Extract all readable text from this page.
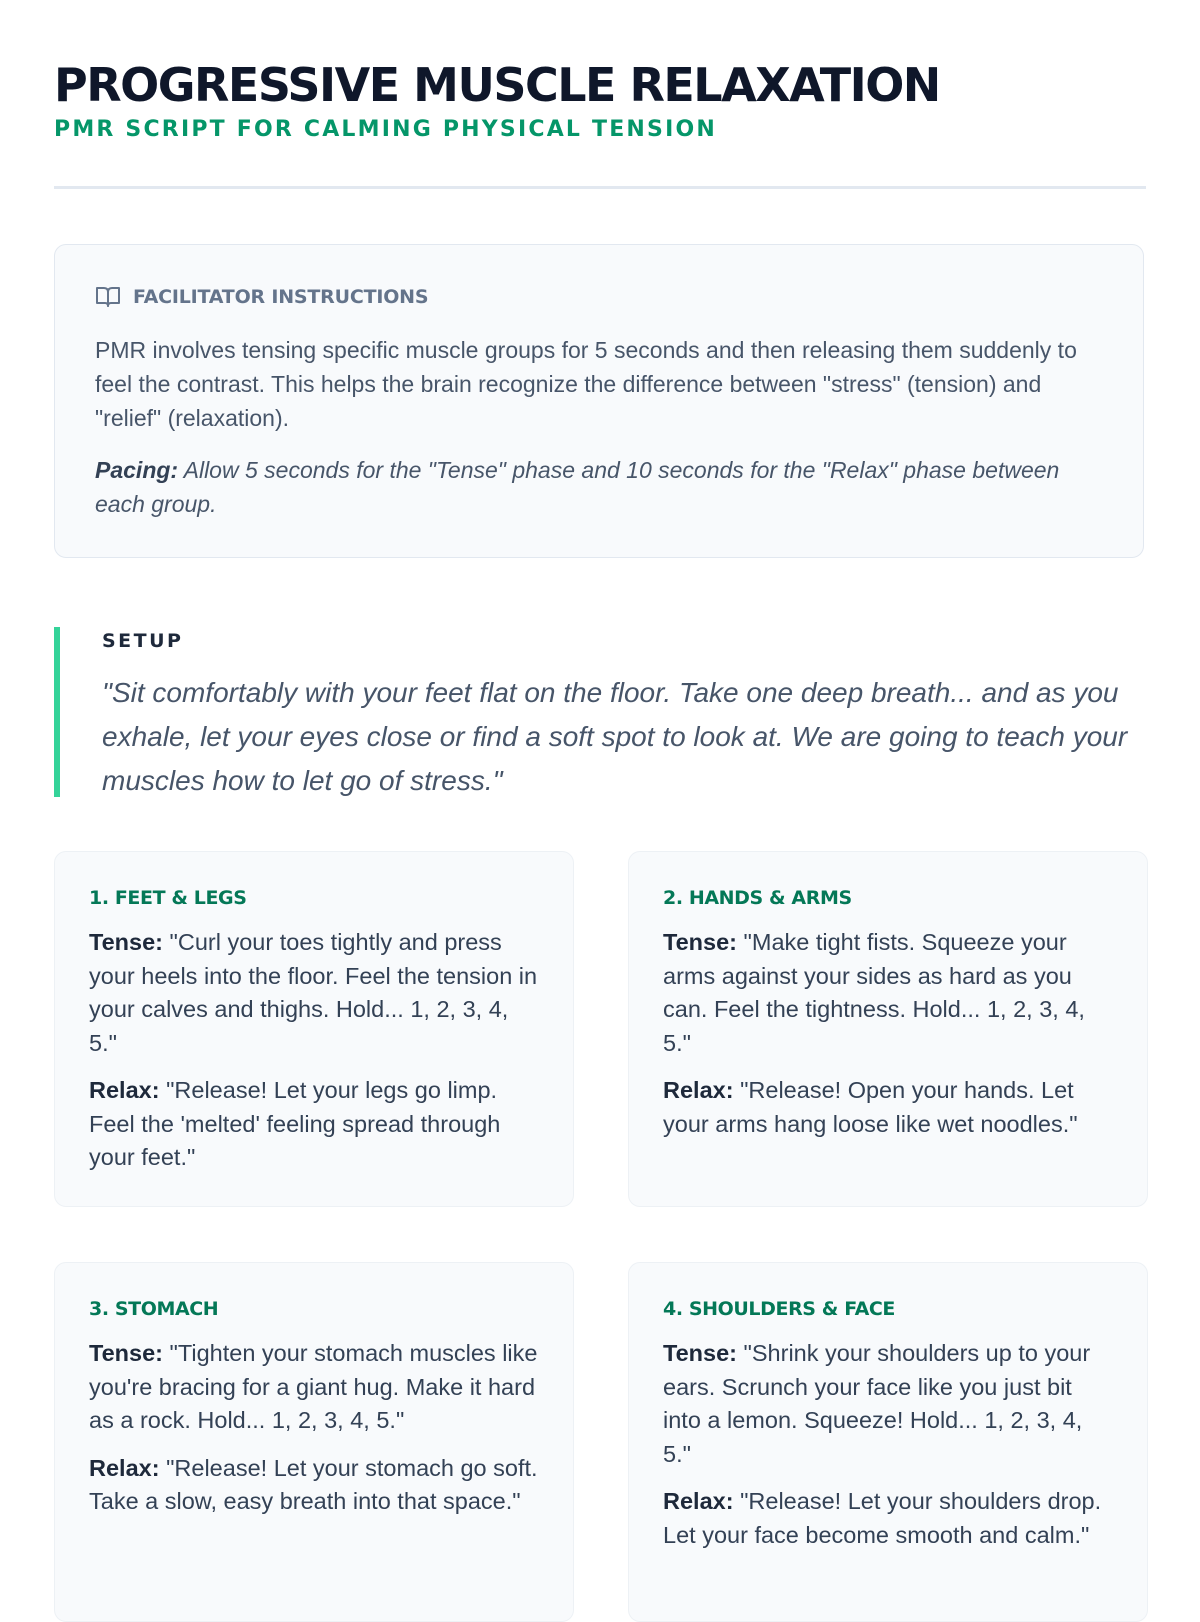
PROGRESSIVE MUSCLE RELAXATION
PMR SCRIPT FOR CALMING PHYSICAL TENSION
FACILITATOR INSTRUCTIONS

PMR involves tensing specific muscle groups for 5 seconds and then releasing them suddenly to feel the contrast. This helps the brain recognize the difference between "stress" (tension) and "relief" (relaxation).

Pacing: Allow 5 seconds for the "Tense" phase and 10 seconds for the "Relax" phase between each group.

SETUP
"Sit comfortably with your feet flat on the floor. Take one deep breath... and as you exhale, let your eyes close or find a soft spot to look at. We are going to teach your muscles how to let go of stress."
1. FEET & LEGS

Tense: "Curl your toes tightly and press your heels into the floor. Feel the tension in your calves and thighs. Hold... 1, 2, 3, 4, 5."

Relax: "Release! Let your legs go limp. Feel the 'melted' feeling spread through your feet."

2. HANDS & ARMS

Tense: "Make tight fists. Squeeze your arms against your sides as hard as you can. Feel the tightness. Hold... 1, 2, 3, 4, 5."

Relax: "Release! Open your hands. Let your arms hang loose like wet noodles."

3. STOMACH

Tense: "Tighten your stomach muscles like you're bracing for a giant hug. Make it hard as a rock. Hold... 1, 2, 3, 4, 5."

Relax: "Release! Let your stomach go soft. Take a slow, easy breath into that space."

4. SHOULDERS & FACE

Tense: "Shrink your shoulders up to your ears. Scrunch your face like you just bit into a lemon. Squeeze! Hold... 1, 2, 3, 4, 5."

Relax: "Release! Let your shoulders drop. Let your face become smooth and calm."
